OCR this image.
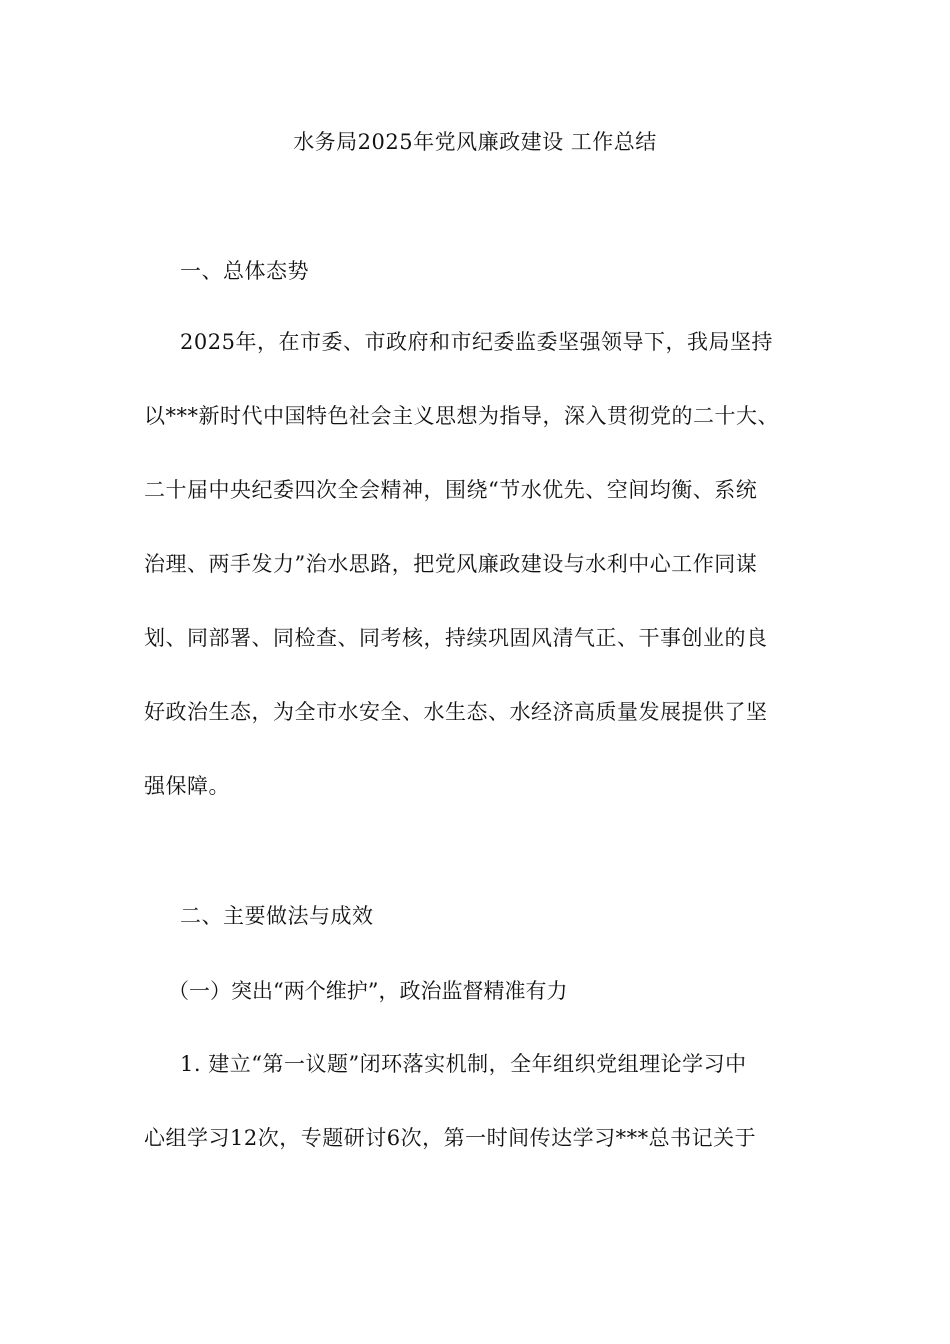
水务局2025年党风廉政建设 工作总结
一、总体态势
2025年，在市委、市政府和市纪委监委坚强领导下，我局坚持
以***新时代中国特色社会主义思想为指导，深入贯彻党的二十大、
二十届中央纪委四次全会精神，围绕“节水优先、空间均衡、系统
治理、两手发力”治水思路，把党风廉政建设与水利中心工作同谋
划、同部署、同检查、同考核，持续巩固风清气正、干事创业的良
好政治生态，为全市水安全、水生态、水经济高质量发展提供了坚
强保障。
二、主要做法与成效
（一）突出“两个维护”，政治监督精准有力
1. 建立“第一议题”闭环落实机制，全年组织党组理论学习中
心组学习12次，专题研讨6次，第一时间传达学习***总书记关于
